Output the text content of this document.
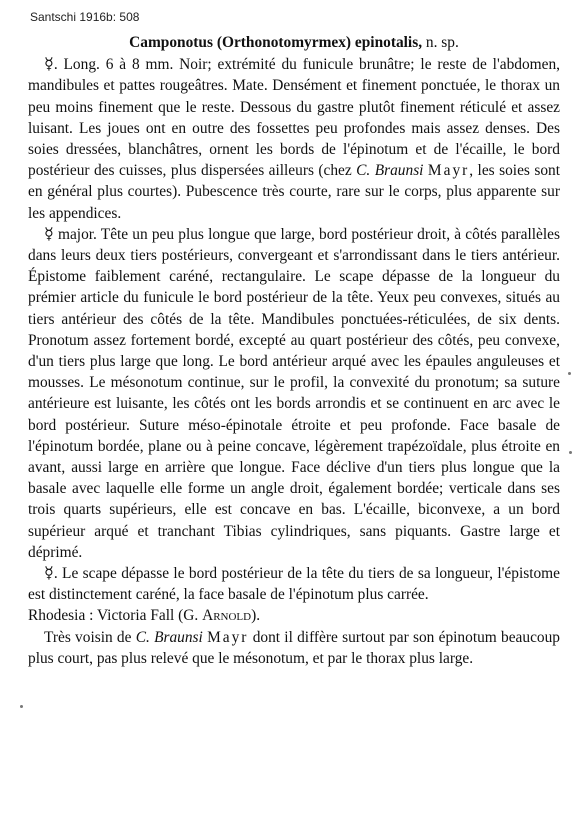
Santschi 1916b: 508

Camponotus (Orthonotomyrmex) epinotalis, n. sp.

☿. Long. 6 à 8 mm. Noir; extrémité du funicule brunâtre; le reste de l'abdomen, mandibules et pattes rougeâtres. Mate. Densément et finement ponctuée, le thorax un peu moins finement que le reste. Dessous du gastre plutôt finement réticulé et assez luisant. Les joues ont en outre des fossettes peu profondes mais assez denses. Des soies dressées, blanchâtres, ornent les bords de l'épinotum et de l'écaille, le bord postérieur des cuisses, plus dispersées ailleurs (chez C. Braunsi Mayr, les soies sont en général plus courtes). Pubescence très courte, rare sur le corps, plus apparente sur les appendices.

☿ major. Tête un peu plus longue que large, bord postérieur droit, à côtés parallèles dans leurs deux tiers postérieurs, convergeant et s'arrondissant dans le tiers antérieur. Épistome faiblement caréné, rectangulaire. Le scape dépasse de la longueur du prémier article du funicule le bord postérieur de la tête. Yeux peu convexes, situés au tiers antérieur des côtés de la tête. Mandibules ponctuées-réticulées, de six dents. Pronotum assez fortement bordé, excepté au quart postérieur des côtés, peu convexe, d'un tiers plus large que long. Le bord antérieur arqué avec les épaules anguleuses et mousses. Le mésonotum continue, sur le profil, la convexité du pronotum; sa suture antérieure est luisante, les côtés ont les bords arrondis et se continuent en arc avec le bord postérieur. Suture méso-épinotale étroite et peu profonde. Face basale de l'épinotum bordée, plane ou à peine concave, légèrement trapézoïdale, plus étroite en avant, aussi large en arrière que longue. Face déclive d'un tiers plus longue que la basale avec laquelle elle forme un angle droit, également bordée; verticale dans ses trois quarts supérieurs, elle est concave en bas. L'écaille, biconvexe, a un bord supérieur arqué et tranchant Tibias cylindriques, sans piquants. Gastre large et déprimé.

☿. Le scape dépasse le bord postérieur de la tête du tiers de sa longueur, l'épistome est distinctement caréné, la face basale de l'épinotum plus carrée.

Rhodesia : Victoria Fall (G. Arnold).

Très voisin de C. Braunsi Mayr dont il diffère surtout par son épinotum beaucoup plus court, pas plus relevé que le mésonotum, et par le thorax plus large.
